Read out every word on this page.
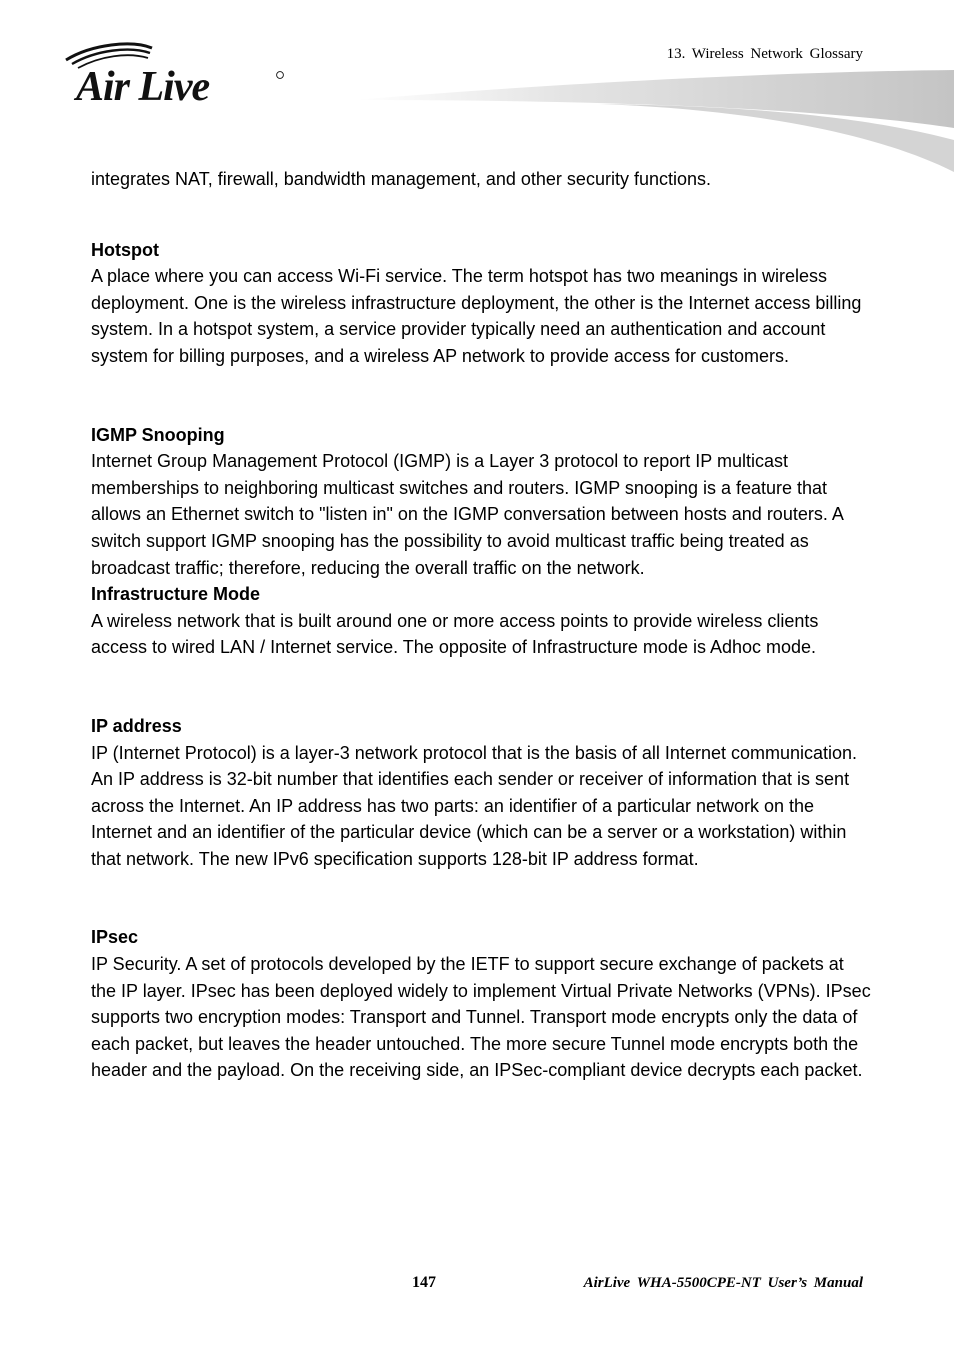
Air Live
13. Wireless Network Glossary

integrates NAT, firewall, bandwidth management, and other security functions.

Hotspot

A place where you can access Wi-Fi service. The term hotspot has two meanings in wireless deployment. One is the wireless infrastructure deployment, the other is the Internet access billing system. In a hotspot system, a service provider typically need an authentication and account system for billing purposes, and a wireless AP network to provide access for customers.

IGMP Snooping

Internet Group Management Protocol (IGMP) is a Layer 3 protocol to report IP multicast memberships to neighboring multicast switches and routers. IGMP snooping is a feature that allows an Ethernet switch to "listen in" on the IGMP conversation between hosts and routers. A switch support IGMP snooping has the possibility to avoid multicast traffic being treated as broadcast traffic; therefore, reducing the overall traffic on the network.

Infrastructure Mode

A wireless network that is built around one or more access points to provide wireless clients access to wired LAN / Internet service. The opposite of Infrastructure mode is Adhoc mode.

IP address

IP (Internet Protocol) is a layer-3 network protocol that is the basis of all Internet communication. An IP address is 32-bit number that identifies each sender or receiver of information that is sent across the Internet. An IP address has two parts: an identifier of a particular network on the Internet and an identifier of the particular device (which can be a server or a workstation) within that network. The new IPv6 specification supports 128-bit IP address format.

IPsec

IP Security. A set of protocols developed by the IETF to support secure exchange of packets at the IP layer. IPsec has been deployed widely to implement Virtual Private Networks (VPNs). IPsec supports two encryption modes: Transport and Tunnel. Transport mode encrypts only the data of each packet, but leaves the header untouched. The more secure Tunnel mode encrypts both the header and the payload. On the receiving side, an IPSec-compliant device decrypts each packet.

147	AirLive WHA-5500CPE-NT User’s Manual
